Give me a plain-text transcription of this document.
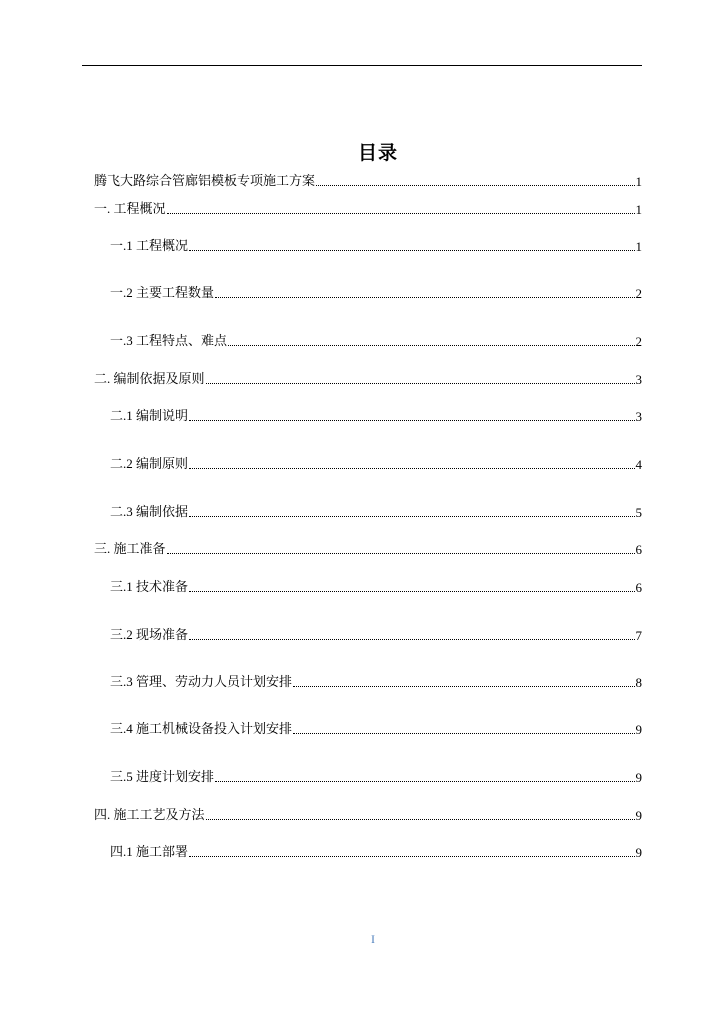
目录
腾飞大路综合管廊铝模板专项施工方案	1
一. 工程概况	1
一.1 工程概况	1
一.2 主要工程数量	2
一.3 工程特点、难点	2
二. 编制依据及原则	3
二.1 编制说明	3
二.2 编制原则	4
二.3 编制依据	5
三. 施工准备	6
三.1 技术准备	6
三.2 现场准备	7
三.3 管理、劳动力人员计划安排	8
三.4 施工机械设备投入计划安排	9
三.5 进度计划安排	9
四. 施工工艺及方法	9
四.1 施工部署	9
I
